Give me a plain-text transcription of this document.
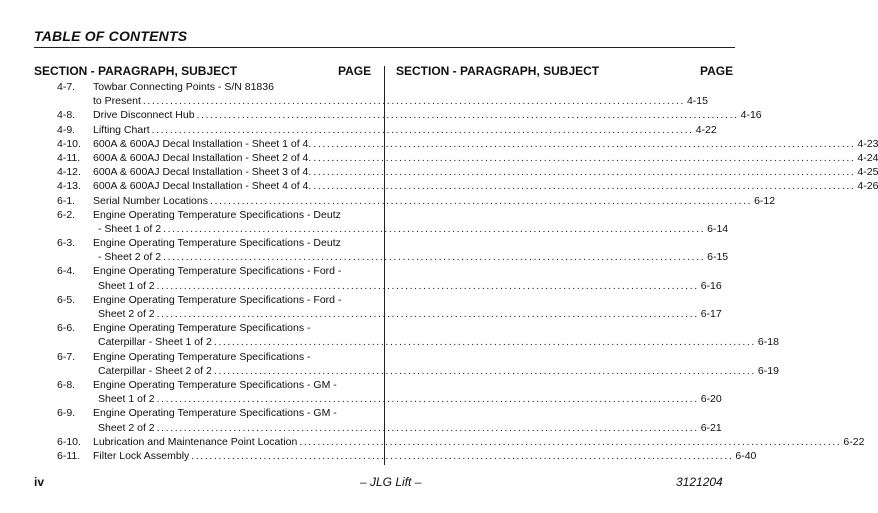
TABLE OF CONTENTS
SECTION - PARAGRAPH, SUBJECT	PAGE SECTION - PARAGRAPH, SUBJECT	PAGE
4-7. Towbar Connecting Points - S/N 81836
to Present ........................................................................................................................ 4-15
4-8. Drive Disconnect Hub ........................................................................................................................ 4-16
4-9. Lifting Chart ........................................................................................................................ 4-22
4-10. 600A & 600AJ Decal Installation - Sheet 1 of 4. ........................................................................................................................ 4-23
4-11. 600A & 600AJ Decal Installation - Sheet 2 of 4. ........................................................................................................................ 4-24
4-12. 600A & 600AJ Decal Installation - Sheet 3 of 4. ........................................................................................................................ 4-25
4-13. 600A & 600AJ Decal Installation - Sheet 4 of 4. ........................................................................................................................ 4-26
6-1. Serial Number Locations ........................................................................................................................ 6-12
6-2. Engine Operating Temperature Specifications - Deutz
- Sheet 1 of 2 ........................................................................................................................ 6-14
6-3. Engine Operating Temperature Specifications - Deutz
- Sheet 2 of 2 ........................................................................................................................ 6-15
6-4. Engine Operating Temperature Specifications - Ford -
Sheet 1 of 2 ........................................................................................................................ 6-16
6-5. Engine Operating Temperature Specifications - Ford -
Sheet 2 of 2 ........................................................................................................................ 6-17
6-6. Engine Operating Temperature Specifications -
Caterpillar - Sheet 1 of 2 ........................................................................................................................ 6-18
6-7. Engine Operating Temperature Specifications -
Caterpillar - Sheet 2 of 2 ........................................................................................................................ 6-19
6-8. Engine Operating Temperature Specifications - GM -
Sheet 1 of 2 ........................................................................................................................ 6-20
6-9. Engine Operating Temperature Specifications - GM -
Sheet 2 of 2 ........................................................................................................................ 6-21
6-10. Lubrication and Maintenance Point Location ........................................................................................................................ 6-22
6-11. Filter Lock Assembly ........................................................................................................................ 6-40
iv	– JLG Lift –	3121204
